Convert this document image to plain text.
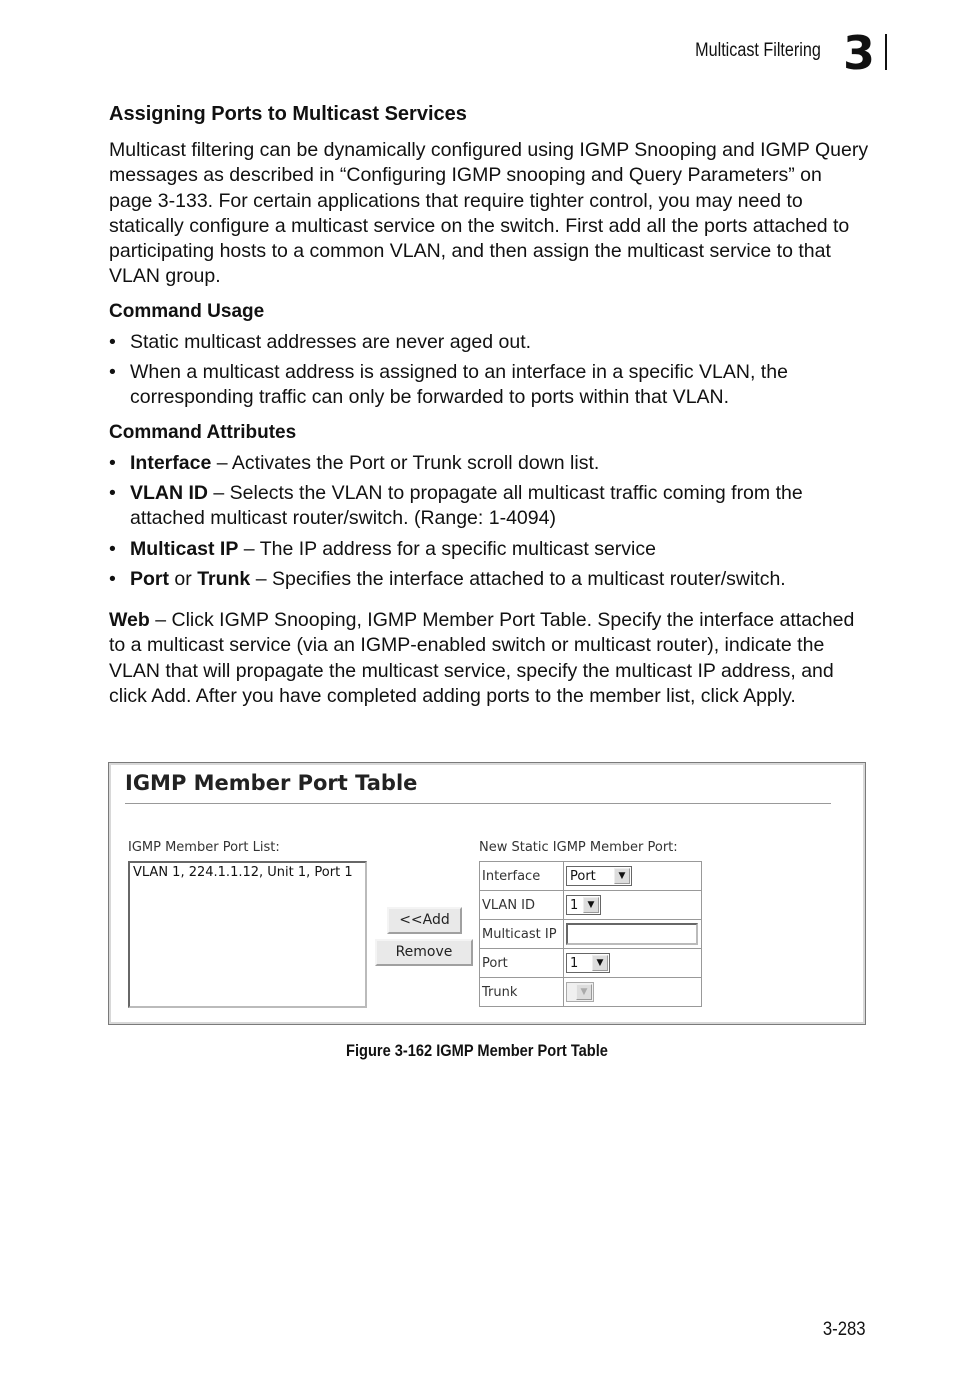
Multicast Filtering 3
Assigning Ports to Multicast Services

Multicast filtering can be dynamically configured using IGMP Snooping and IGMP Query messages as described in “Configuring IGMP snooping and Query Parameters” on page 3-133. For certain applications that require tighter control, you may need to statically configure a multicast service on the switch. First add all the ports attached to participating hosts to a common VLAN, and then assign the multicast service to that VLAN group.

Command Usage
• Static multicast addresses are never aged out.
• When a multicast address is assigned to an interface in a specific VLAN, the corresponding traffic can only be forwarded to ports within that VLAN.
Command Attributes
• Interface – Activates the Port or Trunk scroll down list.
• VLAN ID – Selects the VLAN to propagate all multicast traffic coming from the attached multicast router/switch. (Range: 1-4094)
• Multicast IP – The IP address for a specific multicast service
• Port or Trunk – Specifies the interface attached to a multicast router/switch.

Web – Click IGMP Snooping, IGMP Member Port Table. Specify the interface attached to a multicast service (via an IGMP-enabled switch or multicast router), indicate the VLAN that will propagate the multicast service, specify the multicast IP address, and click Add. After you have completed adding ports to the member list, click Apply.

IGMP Member Port Table
IGMP Member Port List:
VLAN 1, 224.1.1.12, Unit 1, Port 1
<<Add
Remove
New Static IGMP Member Port:
Interface	Port ▼

VLAN ID	1 ▼

Multicast IP	
Port	1 ▼

Trunk	▼
Figure 3-162 IGMP Member Port Table
3-283
